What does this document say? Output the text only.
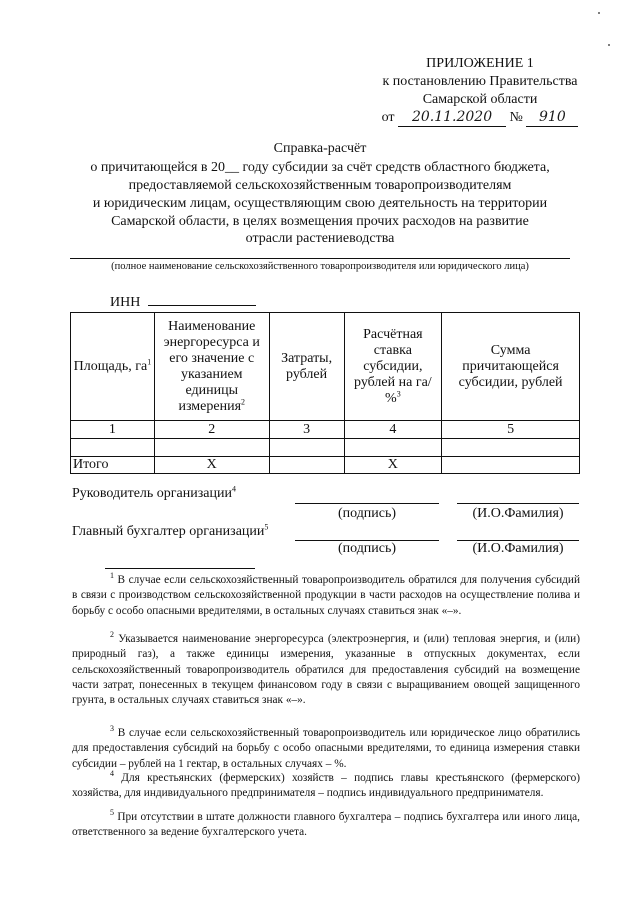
ПРИЛОЖЕНИЕ 1
к постановлению Правительства
Самарской области
от 20.11.2020 № 910
Справка-расчёт
о причитающейся в 20__ году субсидии за счёт средств областного бюджета,
предоставляемой сельскохозяйственным товаропроизводителям
и юридическим лицам, осуществляющим свою деятельность на территории
Самарской области, в целях возмещения прочих расходов на развитие
отрасли растениеводства
(полное наименование сельскохозяйственного товаропроизводителя или юридического лица)
ИНН
Площадь, $га^1$	Наименование энергоресурса и его значение с указанием единицы измерения$^2$	Затраты, рублей	Расчётная ставка субсидии, рублей на га/ %$^3$	Сумма причитающейся субсидии, рублей
1	2	3	4	5

Итого	Х		Х	
Руководитель организации$^4$
(подпись)	(И.О.Фамилия)
Главный бухгалтер организации$^5$
(подпись)	(И.О.Фамилия)
$^1$ В случае если сельскохозяйственный товаропроизводитель обратился для получения субсидий в связи с производством сельскохозяйственной продукции в части расходов на осуществление полива и борьбу с особо опасными вредителями, в остальных случаях ставиться знак «–».
$^2$ Указывается наименование энергоресурса (электроэнергия, и (или) тепловая энергия, и (или) природный газ), а также единицы измерения, указанные в отпускных документах, если сельскохозяйственный товаропроизводитель обратился для предоставления субсидий на возмещение части затрат, понесенных в текущем финансовом году в связи с выращиванием овощей защищенного грунта, в остальных случаях ставиться знак «–».
$^3$ В случае если сельскохозяйственный товаропроизводитель или юридическое лицо обратились для предоставления субсидий на борьбу с особо опасными вредителями, то единица измерения ставки субсидии – рублей на 1 гектар, в остальных случаях – %.
$^4$ Для крестьянских (фермерских) хозяйств – подпись главы крестьянского (фермерского) хозяйства, для индивидуального предпринимателя – подпись индивидуального предпринимателя.
$^5$ При отсутствии в штате должности главного бухгалтера – подпись бухгалтера или иного лица, ответственного за ведение бухгалтерского учета.
